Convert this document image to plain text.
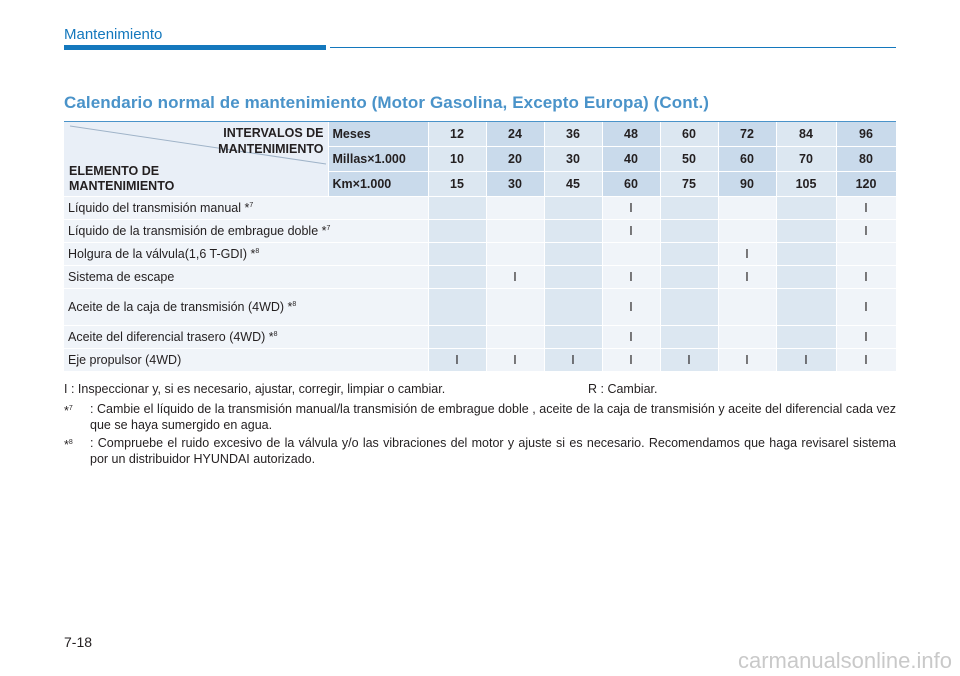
Mantenimiento
Calendario normal de mantenimiento (Motor Gasolina, Excepto Europa) (Cont.)
INTERVALOS DE
MANTENIMIENTO
ELEMENTO DE
MANTENIMIENTO	Meses	12	24	36	48	60	72	84	96
	Millas×1.000	10	20	30	40	50	60	70	80
	Km×1.000	15	30	45	60	75	90	105	120
Líquido del transmisión manual *$^7$					I				I
Líquido de la transmisión de embrague doble *$^7$					I				I
Holgura de la válvula(1,6 T-GDI) *$^8$							I		
Sistema de escape			I		I		I		I
Aceite de la caja de transmisión (4WD) *$^8$					I				I
Aceite del diferencial trasero (4WD) *$^8$					I				I
Eje propulsor (4WD)		I	I	I	I	I	I	I	I
I : Inspeccionar y, si es necesario, ajustar, corregir, limpiar o cambiar.	R : Cambiar.
*$^7$	: Cambie el líquido de la transmisión manual/la transmisión de embrague doble , aceite de la caja de transmisión y aceite del diferencial cada vez que se haya sumergido en agua.
*$^8$	: Compruebe el ruido excesivo de la válvula y/o las vibraciones del motor y ajuste si es necesario. Recomendamos que haga revisarel sistema por un distribuidor HYUNDAI autorizado.
7-18
carmanualsonline.info
